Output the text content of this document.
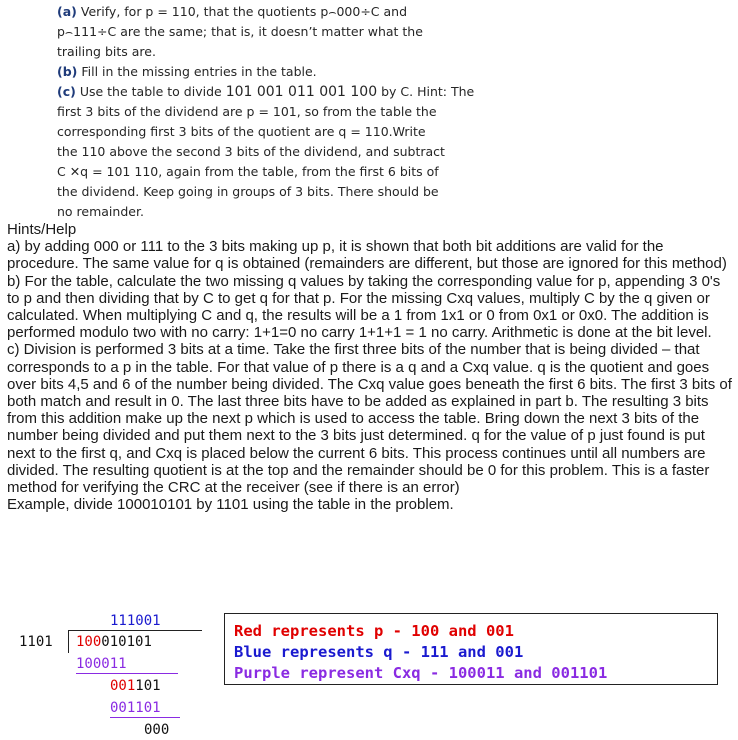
(a) Verify, for p = 110, that the quotients p⌢000÷C and
p⌢111÷C are the same; that is, it doesn’t matter what the
trailing bits are.
(b) Fill in the missing entries in the table.
(c) Use the table to divide 101 001 011 001 100 by C. Hint: The
first 3 bits of the dividend are p = 101, so from the table the
corresponding first 3 bits of the quotient are q = 110.Write
the 110 above the second 3 bits of the dividend, and subtract
C ✕q = 101 110, again from the table, from the first 6 bits of
the dividend. Keep going in groups of 3 bits. There should be
no remainder.

Hints/Help

a) by adding 000 or 111 to the 3 bits making up p, it is shown that both bit additions are valid for the procedure. The same value for q is obtained (remainders are different, but those are ignored for this method)

b) For the table, calculate the two missing q values by taking the corresponding value for p, appending 3 0's to p and then dividing that by C to get q for that p. For the missing Cxq values, multiply C by the q given or calculated. When multiplying C and q, the results will be a 1 from 1x1 or 0 from 0x1 or 0x0. The addition is performed modulo two with no carry: 1+1=0 no carry 1+1+1 = 1 no carry. Arithmetic is done at the bit level.

c) Division is performed 3 bits at a time. Take the first three bits of the number that is being divided – that corresponds to a p in the table. For that value of p there is a q and a Cxq value. q is the quotient and goes over bits 4,5 and 6 of the number being divided. The Cxq value goes beneath the first 6 bits. The first 3 bits of both match and result in 0. The last three bits have to be added as explained in part b. The resulting 3 bits from this addition make up the next p which is used to access the table. Bring down the next 3 bits of the number being divided and put them next to the 3 bits just determined. q for the value of p just found is put next to the first q, and Cxq is placed below the current 6 bits. This process continues until all numbers are divided. The resulting quotient is at the top and the remainder should be 0 for this problem. This is a faster method for verifying the CRC at the receiver (see if there is an error)

Example, divide 100010101 by 1101 using the table in the problem.

111001
1101 100010101
100011
001101
001101
000
Red represents p - 100 and 001
Blue represents q - 111 and 001
Purple represent Cxq - 100011 and 001101
